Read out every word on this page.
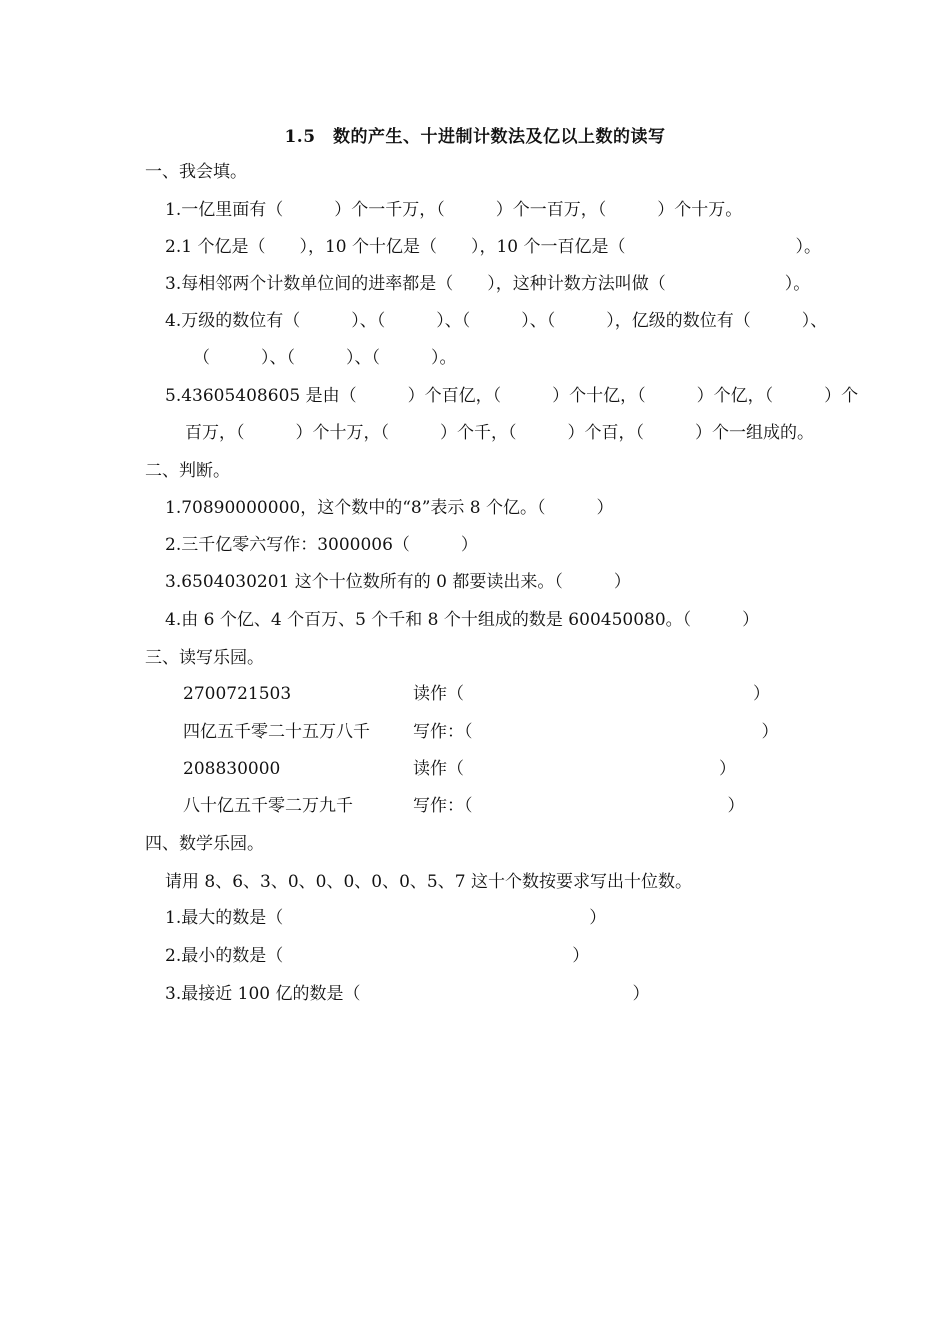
1.5　数的产生、十进制计数法及亿以上数的读写
一、我会填。
1.一亿里面有（　　　）个一千万，（　　　）个一百万，（　　　）个十万。
2.1 个亿是（　　），10 个十亿是（　　），10 个一百亿是（　　　　　　　　　　）。
3.每相邻两个计数单位间的进率都是（　　），这种计数方法叫做（　　　　　　　）。
4.万级的数位有（　　　）、（　　　）、（　　　）、（　　　），亿级的数位有（　　　）、
（　　　）、（　　　）、（　　　）。
5.43605408605 是由（　　　）个百亿，（　　　）个十亿，（　　　）个亿，（　　　）个
百万，（　　　）个十万，（　　　）个千，（　　　）个百，（　　　）个一组成的。
二、判断。
1.70890000000，这个数中的“8”表示 8 个亿。（　　　）
2.三千亿零六写作：3000006（　　　）
3.6504030201 这个十位数所有的 0 都要读出来。（　　　）
4.由 6 个亿、4 个百万、5 个千和 8 个十组成的数是 600450080。（　　　）
三、读写乐园。
2700721503	读作（　　　　　　　　　　　　　　　　　）
四亿五千零二十五万八千	写作：（　　　　　　　　　　　　　　　　　）
208830000	读作（　　　　　　　　　　　　　　　）
八十亿五千零二万九千	写作：（　　　　　　　　　　　　　　　）
四、数学乐园。
请用 8、6、3、0、0、0、0、0、5、7 这十个数按要求写出十位数。
1.最大的数是（　　　　　　　　　　　　　　　　　　）
2.最小的数是（　　　　　　　　　　　　　　　　　）
3.最接近 100 亿的数是（　　　　　　　　　　　　　　　　）
